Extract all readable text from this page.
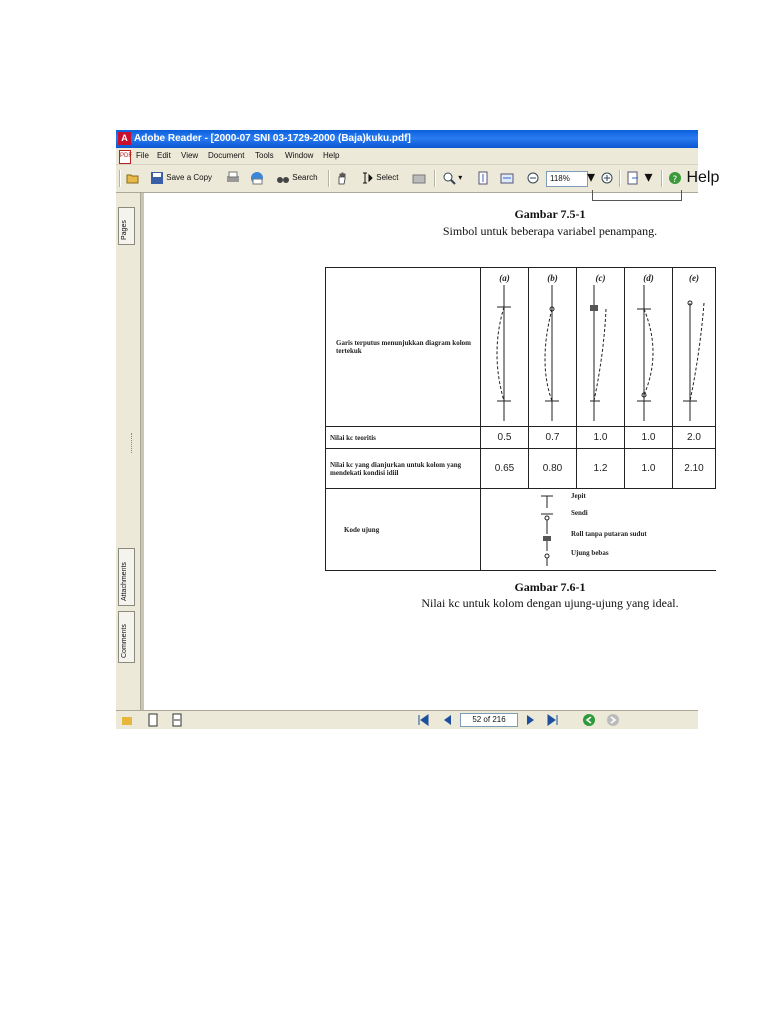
A Adobe Reader - [2000-07 SNI 03-1729-2000 (Baja)kuku.pdf]
PDF File Edit View Document Tools Window Help
Save a Copy	Search	Select	▾	118%	▾	▾ ? Help
Pages
Attachments
Comments
52 of 216
Gambar 7.5-1
Simbol untuk beberapa variabel penampang.
Garis terputus menunjukkan diagram kolom tertekuk	(a)	(b)	(c)	(d)	(e)

Nilai kc teoritis	0.5	0.7	1.0	1.0	2.0
Nilai kc yang dianjurkan untuk kolom yang mendekati kondisi idiil	0.65	0.80	1.2	1.0	2.10
Kode ujung	Jepit
Sendi
Roll tanpa putaran sudut
Ujung bebas				
Gambar 7.6-1
Nilai kc untuk kolom dengan ujung-ujung yang ideal.
